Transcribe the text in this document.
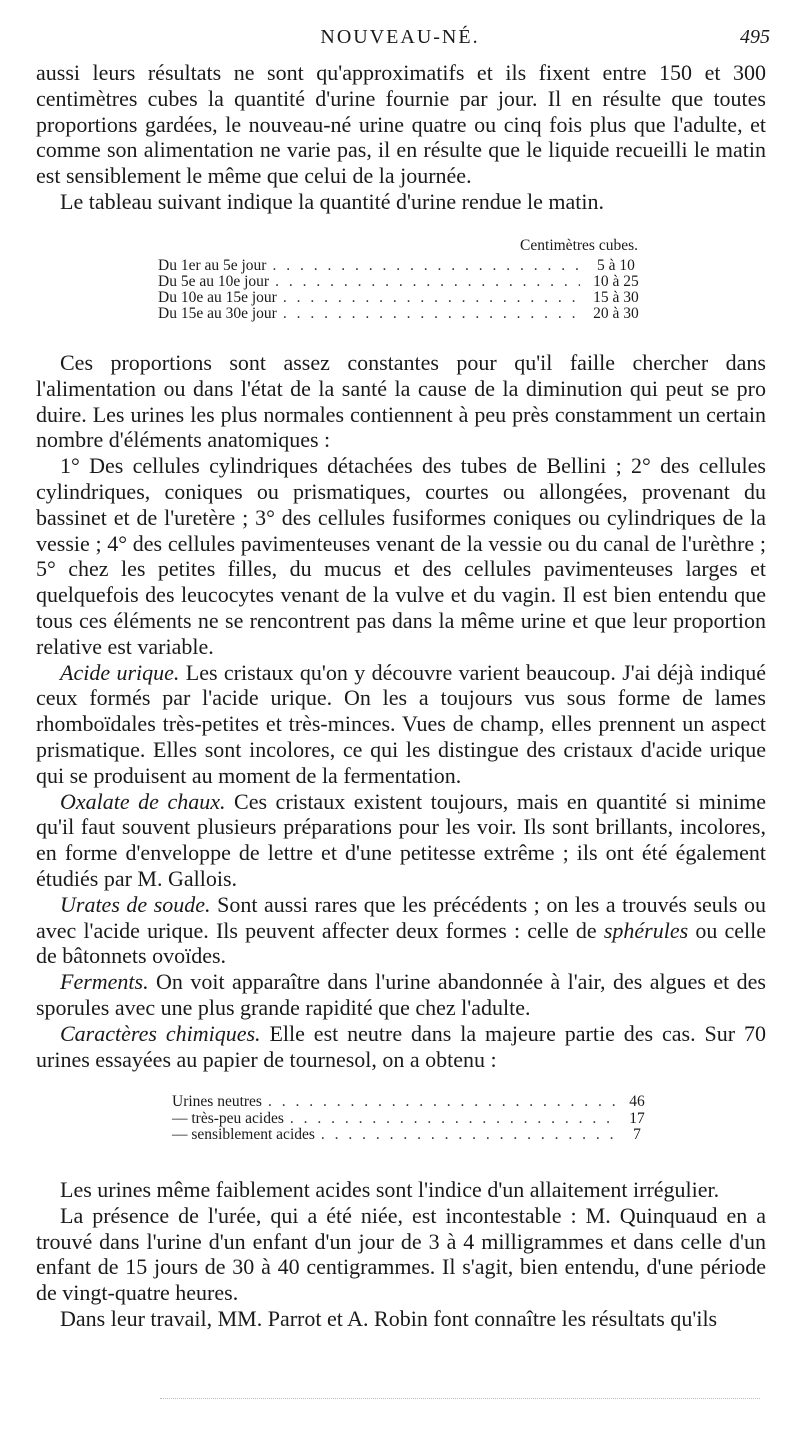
NOUVEAU-NÉ.	495

aussi leurs résultats ne sont qu'approximatifs et ils fixent entre 150 et 300 centimètres cubes la quantité d'urine fournie par jour. Il en résulte que toutes proportions gardées, le nouveau-né urine quatre ou cinq fois plus que l'adulte, et comme son alimentation ne varie pas, il en résulte que le liquide recueilli le matin est sensiblement le même que celui de la journée.

Le tableau suivant indique la quantité d'urine rendue le matin.

Centimètres cubes.
Du 1er au 5e jour . . .	5 à 10
Du 5e au 10e jour . . .	10 à 25
Du 10e au 15e jour . . .	15 à 30
Du 15e au 30e jour . . .	20 à 30

Ces proportions sont assez constantes pour qu'il faille chercher dans l'alimentation ou dans l'état de la santé la cause de la diminution qui peut se pro duire. Les urines les plus normales contiennent à peu près constamment un certain nombre d'éléments anatomiques :

1° Des cellules cylindriques détachées des tubes de Bellini ; 2° des cellules cylindriques, coniques ou prismatiques, courtes ou allongées, provenant du bassinet et de l'uretère ; 3° des cellules fusiformes coniques ou cylindriques de la vessie ; 4° des cellules pavimenteuses venant de la vessie ou du canal de l'urèthre ; 5° chez les petites filles, du mucus et des cellules pavimenteuses larges et quelquefois des leucocytes venant de la vulve et du vagin. Il est bien entendu que tous ces éléments ne se rencontrent pas dans la même urine et que leur proportion relative est variable.

Acide urique. Les cristaux qu'on y découvre varient beaucoup. J'ai déjà indiqué ceux formés par l'acide urique. On les a toujours vus sous forme de lames rhomboïdales très-petites et très-minces. Vues de champ, elles prennent un aspect prismatique. Elles sont incolores, ce qui les distingue des cristaux d'acide urique qui se produisent au moment de la fermentation.

Oxalate de chaux. Ces cristaux existent toujours, mais en quantité si minime qu'il faut souvent plusieurs préparations pour les voir. Ils sont brillants, incolores, en forme d'enveloppe de lettre et d'une petitesse extrême ; ils ont été également étudiés par M. Gallois.

Urates de soude. Sont aussi rares que les précédents ; on les a trouvés seuls ou avec l'acide urique. Ils peuvent affecter deux formes : celle de sphérules ou celle de bâtonnets ovoïdes.

Ferments. On voit apparaître dans l'urine abandonnée à l'air, des algues et des sporules avec une plus grande rapidité que chez l'adulte.

Caractères chimiques. Elle est neutre dans la majeure partie des cas. Sur 70 urines essayées au papier de tournesol, on a obtenu :

Urines neutres . . .	46
— très-peu acides . . .	17
— sensiblement acides . . .	7

Les urines même faiblement acides sont l'indice d'un allaitement irrégulier.

La présence de l'urée, qui a été niée, est incontestable : M. Quinquaud en a trouvé dans l'urine d'un enfant d'un jour de 3 à 4 milligrammes et dans celle d'un enfant de 15 jours de 30 à 40 centigrammes. Il s'agit, bien entendu, d'une période de vingt-quatre heures.

Dans leur travail, MM. Parrot et A. Robin font connaître les résultats qu'ils
